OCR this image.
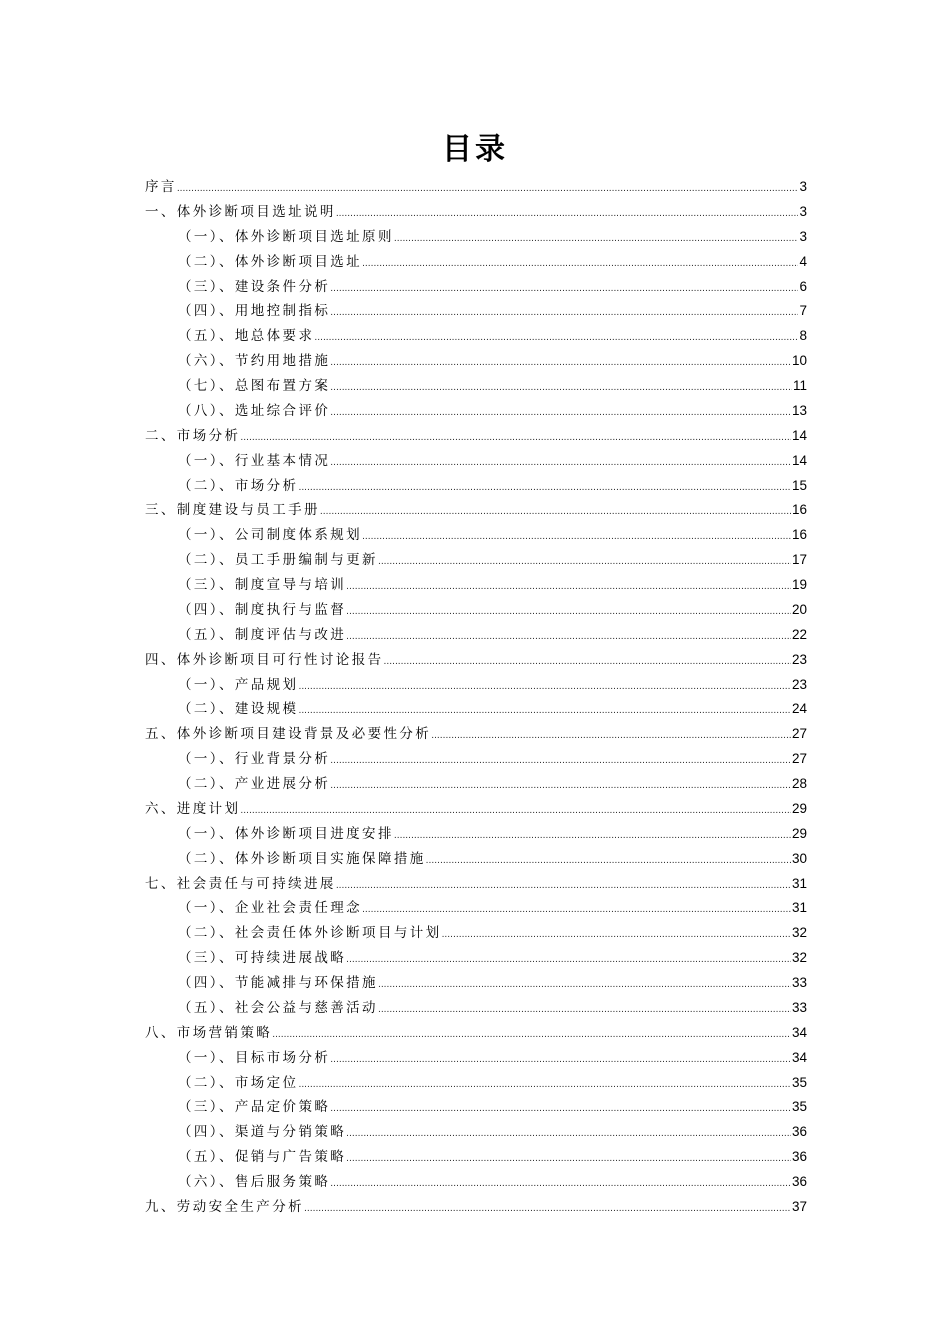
目录
序言 .....	3
一、体外诊断项目选址说明 .....	3
（一）、体外诊断项目选址原则 .....	3
（二）、体外诊断项目选址 .....	4
（三）、建设条件分析 .....	6
（四）、用地控制指标 .....	7
（五）、地总体要求 .....	8
（六）、节约用地措施 .....	10
（七）、总图布置方案 .....	11
（八）、选址综合评价 .....	13
二、市场分析 .....	14
（一）、行业基本情况 .....	14
（二）、市场分析 .....	15
三、制度建设与员工手册 .....	16
（一）、公司制度体系规划 .....	16
（二）、员工手册编制与更新 .....	17
（三）、制度宣导与培训 .....	19
（四）、制度执行与监督 .....	20
（五）、制度评估与改进 .....	22
四、体外诊断项目可行性讨论报告 .....	23
（一）、产品规划 .....	23
（二）、建设规模 .....	24
五、体外诊断项目建设背景及必要性分析 .....	27
（一）、行业背景分析 .....	27
（二）、产业进展分析 .....	28
六、进度计划 .....	29
（一）、体外诊断项目进度安排 .....	29
（二）、体外诊断项目实施保障措施 .....	30
七、社会责任与可持续进展 .....	31
（一）、企业社会责任理念 .....	31
（二）、社会责任体外诊断项目与计划 .....	32
（三）、可持续进展战略 .....	32
（四）、节能减排与环保措施 .....	33
（五）、社会公益与慈善活动 .....	33
八、市场营销策略 .....	34
（一）、目标市场分析 .....	34
（二）、市场定位 .....	35
（三）、产品定价策略 .....	35
（四）、渠道与分销策略 .....	36
（五）、促销与广告策略 .....	36
（六）、售后服务策略 .....	36
九、劳动安全生产分析 .....	37
